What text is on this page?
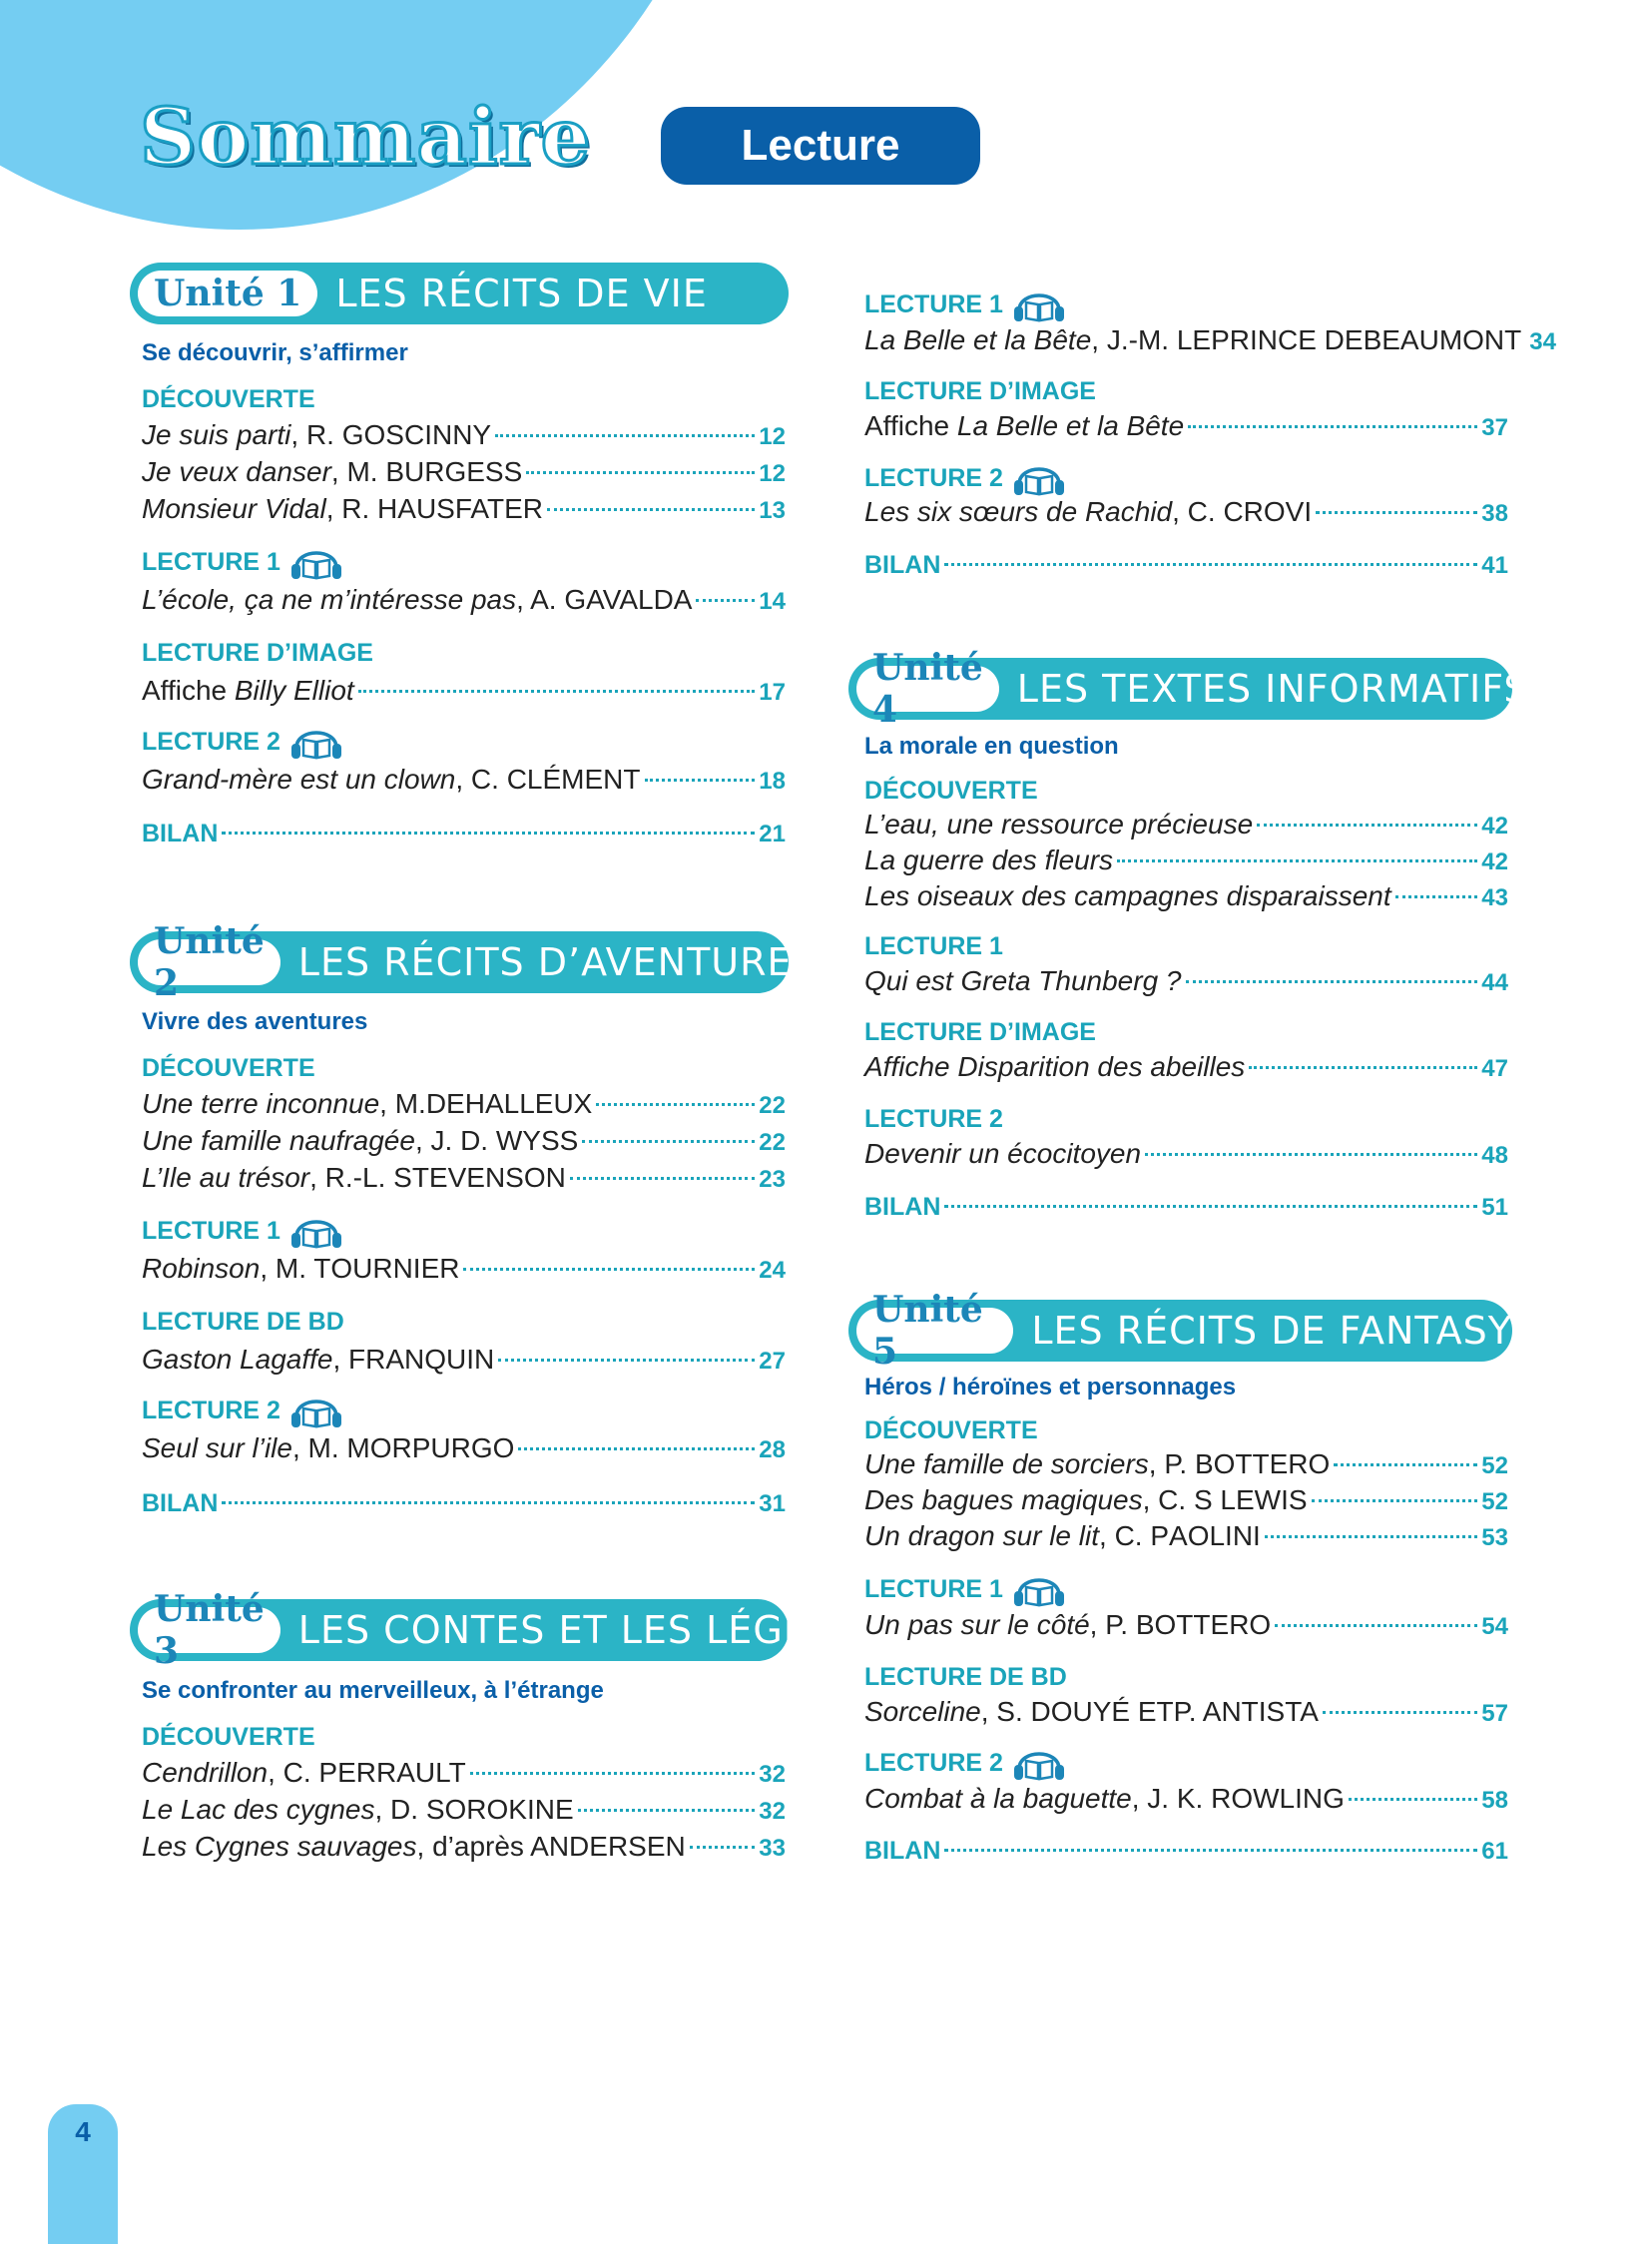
Sommaire	Lecture
Unité 1 LES RÉCITS DE VIE
Se découvrir, s’affirmer
DÉCOUVERTE
Je suis parti , R. G OSCINNY	12
Je veux danser , M. B URGESS	12
Monsieur Vidal , R. H AUSFATER	13
LECTURE 1
L’école, ça ne m’intéresse pas , A. G AVALDA	14
LECTURE D’IMAGE
Affiche
Billy Elliot	17
LECTURE 2
Grand-mère est un clown , C. C LÉMENT	18
BILAN	21
Unité 2	LES RÉCITS D’AVENTURES
Vivre des aventures
DÉCOUVERTE
Une terre inconnue , M. DE H ALLEUX	22
Une famille naufragée , J. D. W YSS	22
L’Ile au trésor , R.-L. S TEVENSON	23
LECTURE 1
Robinson , M. T OURNIER	24
LECTURE DE BD
Gaston Lagaffe , F RANQUIN	27
LECTURE 2
Seul sur l’ile , M. M ORPURGO	28
BILAN	31
Unité 3	LES CONTES ET LES LÉGENDES
Se confronter au merveilleux, à l’étrange
DÉCOUVERTE
Cendrillon , C. P ERRAULT	32
Le Lac des cygnes , D. S OROKINE	32
Les Cygnes sauvages , d’après A NDERSEN	33
LECTURE 1
La Belle et la Bête , J.-M. L EPRINCE DE B EAUMONT 34
LECTURE D’IMAGE
Affiche
La Belle et la Bête	37
LECTURE 2
Les six sœurs de Rachid , C. C ROVI	38
BILAN	41
Unité 4	LES TEXTES INFORMATIFS
La morale en question
DÉCOUVERTE
L’eau, une ressource précieuse	42
La guerre des fleurs	42
Les oiseaux des campagnes disparaissent	43
LECTURE 1
Qui est Greta Thunberg ?	44
LECTURE D’IMAGE
Affiche Disparition des abeilles	47
LECTURE 2
Devenir un écocitoyen	48
BILAN	51
Unité 5	LES RÉCITS DE FANTASY
Héros / héroïnes et personnages
DÉCOUVERTE
Une famille de sorciers , P. B OTTERO	52
Des bagues magiques , C. S L EWIS	52
Un dragon sur le lit , C. P AOLINI	53
LECTURE 1
Un pas sur le côté , P. B OTTERO	54
LECTURE DE BD
Sorceline , S. D OUYÉ ET P. A NTISTA	57
LECTURE 2
Combat à la baguette , J. K. R OWLING	58
BILAN	61
4
